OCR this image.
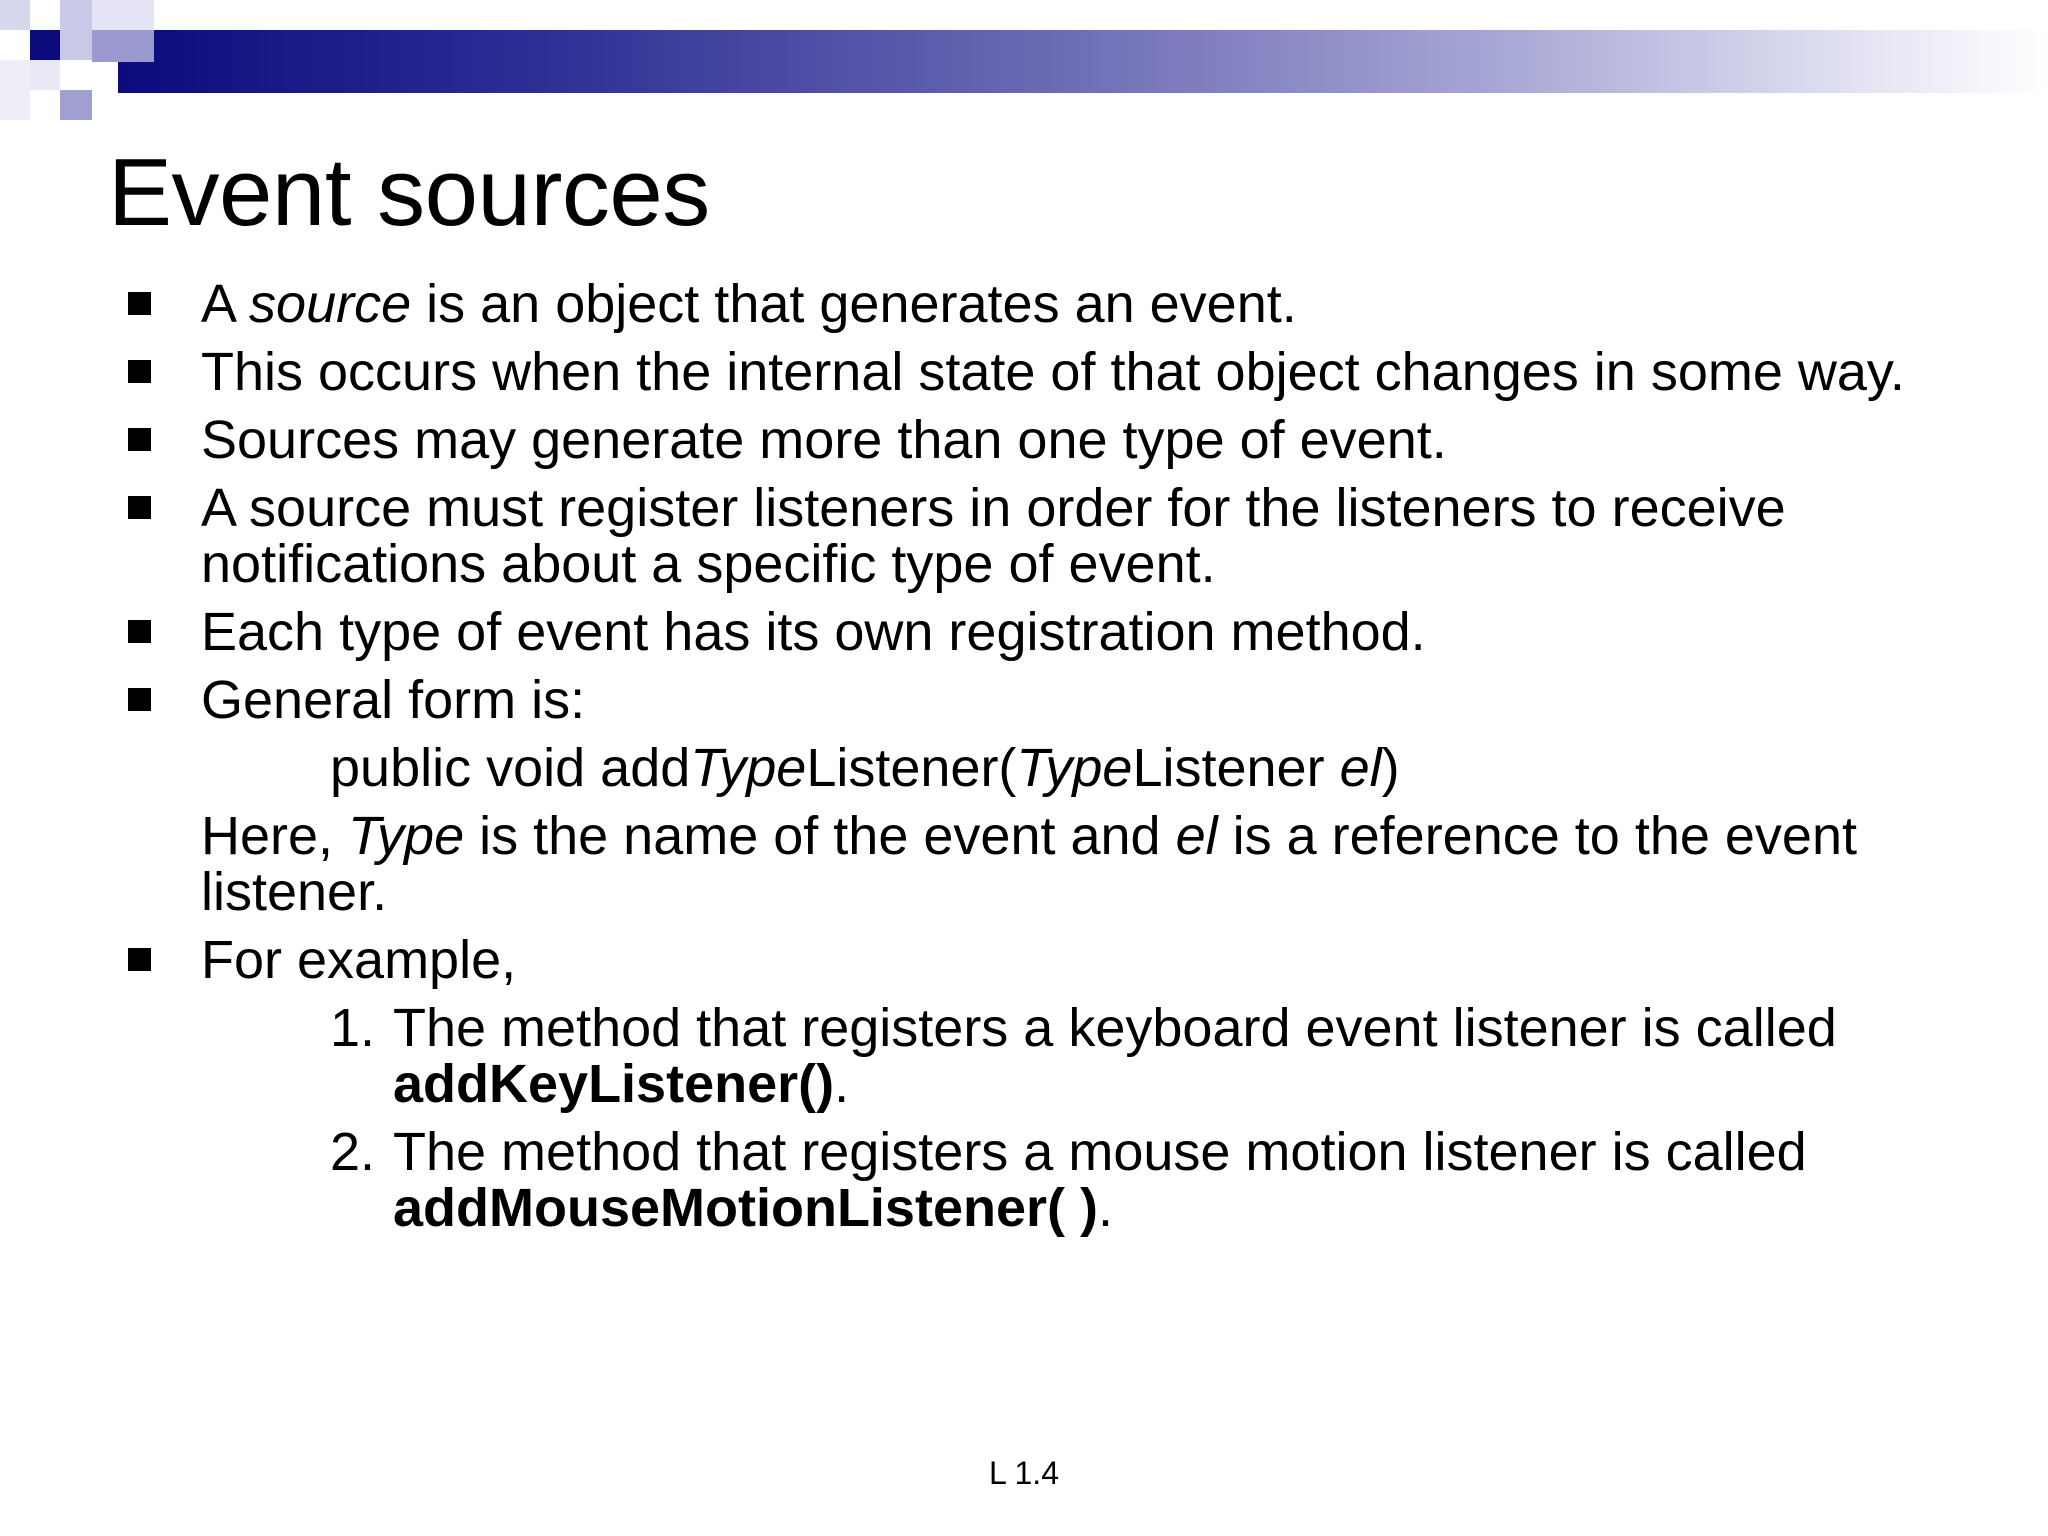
Event sources
A source is an object that generates an event.
This occurs when the internal state of that object changes in some way.
Sources may generate more than one type of event.
A source must register listeners in order for the listeners to receive notifications about a specific type of event.
Each type of event has its own registration method.
General form is:
public void addTypeListener(TypeListener el)
Here, Type is the name of the event and el is a reference to the event listener.
For example,
1. The method that registers a keyboard event listener is called addKeyListener().
2. The method that registers a mouse motion listener is called addMouseMotionListener( ).
L 1.4
